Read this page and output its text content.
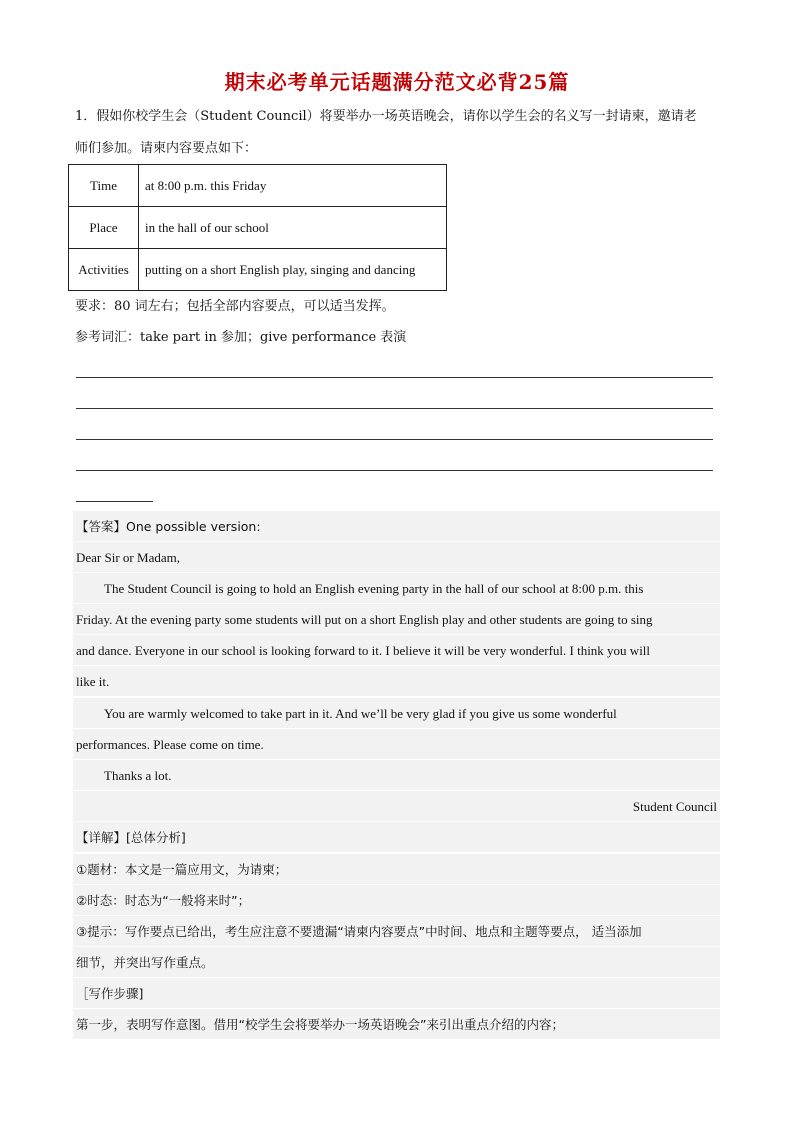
期末必考单元话题满分范文必背25篇
1．假如你校学生会（Student Council）将要举办一场英语晚会，请你以学生会的名义写一封请柬，邀请老
师们参加。请柬内容要点如下：
Time	at 8:00 p.m. this Friday
Place	in the hall of our school
Activities	putting on a short English play, singing and dancing
要求：80 词左右；包括全部内容要点，可以适当发挥。
参考词汇：take part in 参加；give performance 表演
【答案】One possible version:
Dear Sir or Madam,
The Student Council is going to hold an English evening party in the hall of our school at 8:00 p.m. this
Friday. At the evening party some students will put on a short English play and other students are going to sing
and dance. Everyone in our school is looking forward to it. I believe it will be very wonderful. I think you will
like it.
You are warmly welcomed to take part in it. And we’ll be very glad if you give us some wonderful
performances. Please come on time.
Thanks a lot.
Student Council
【详解】[总体分析]
①题材：本文是一篇应用文，为请柬；
②时态：时态为“一般将来时”；
③提示：写作要点已给出，考生应注意不要遗漏“请柬内容要点”中时间、地点和主题等要点， 适当添加
细节，并突出写作重点。
［写作步骤]
第一步，表明写作意图。借用“校学生会将要举办一场英语晚会”来引出重点介绍的内容；
